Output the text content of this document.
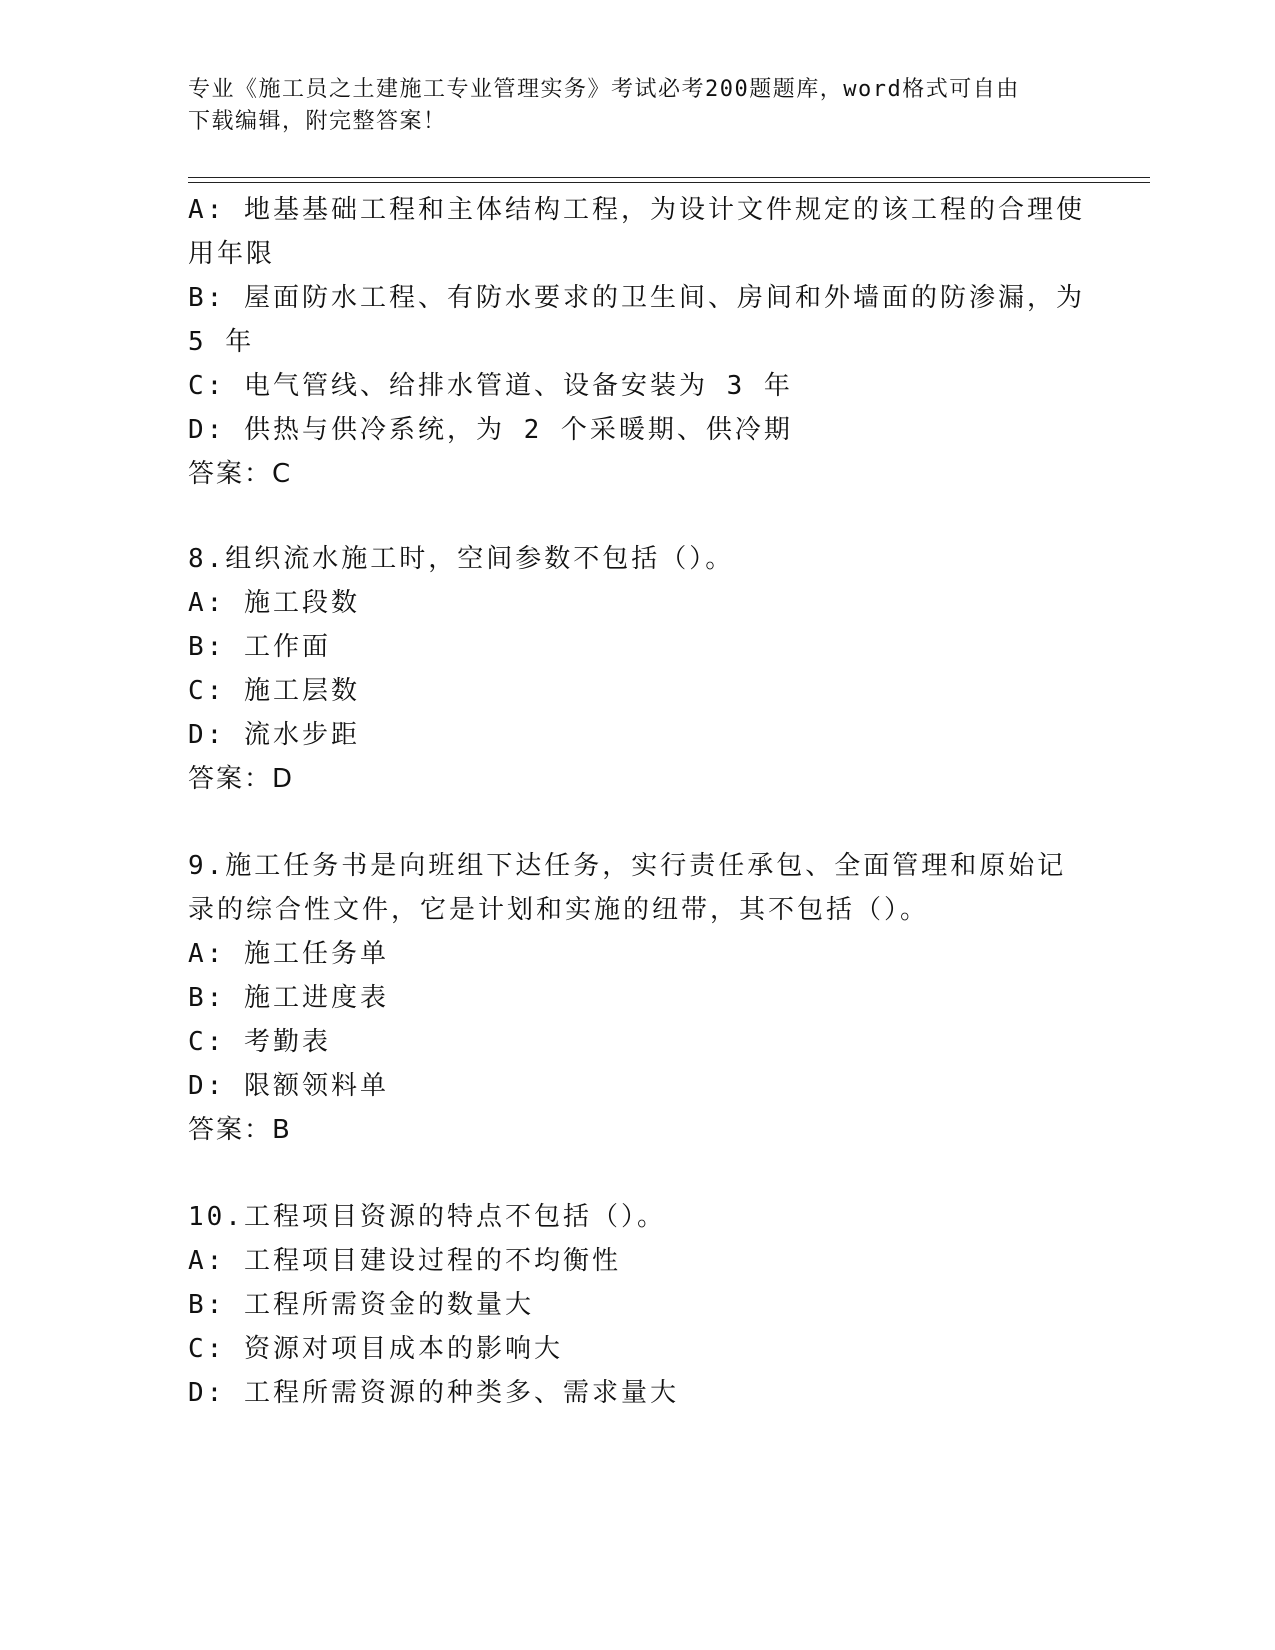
专业《施工员之土建施工专业管理实务》考试必考200题题库，word格式可自由
下载编辑，附完整答案！
A: 地基基础工程和主体结构工程，为设计文件规定的该工程的合理使
用年限
B: 屋面防水工程、有防水要求的卫生间、房间和外墙面的防渗漏，为
5 年
C: 电气管线、给排水管道、设备安装为 3 年
D: 供热与供冷系统，为 2 个采暖期、供冷期
答案：C
8.组织流水施工时，空间参数不包括（）。
A: 施工段数
B: 工作面
C: 施工层数
D: 流水步距
答案：D
9.施工任务书是向班组下达任务，实行责任承包、全面管理和原始记
录的综合性文件，它是计划和实施的纽带，其不包括（）。
A: 施工任务单
B: 施工进度表
C: 考勤表
D: 限额领料单
答案：B
10.工程项目资源的特点不包括（）。
A: 工程项目建设过程的不均衡性
B: 工程所需资金的数量大
C: 资源对项目成本的影响大
D: 工程所需资源的种类多、需求量大
